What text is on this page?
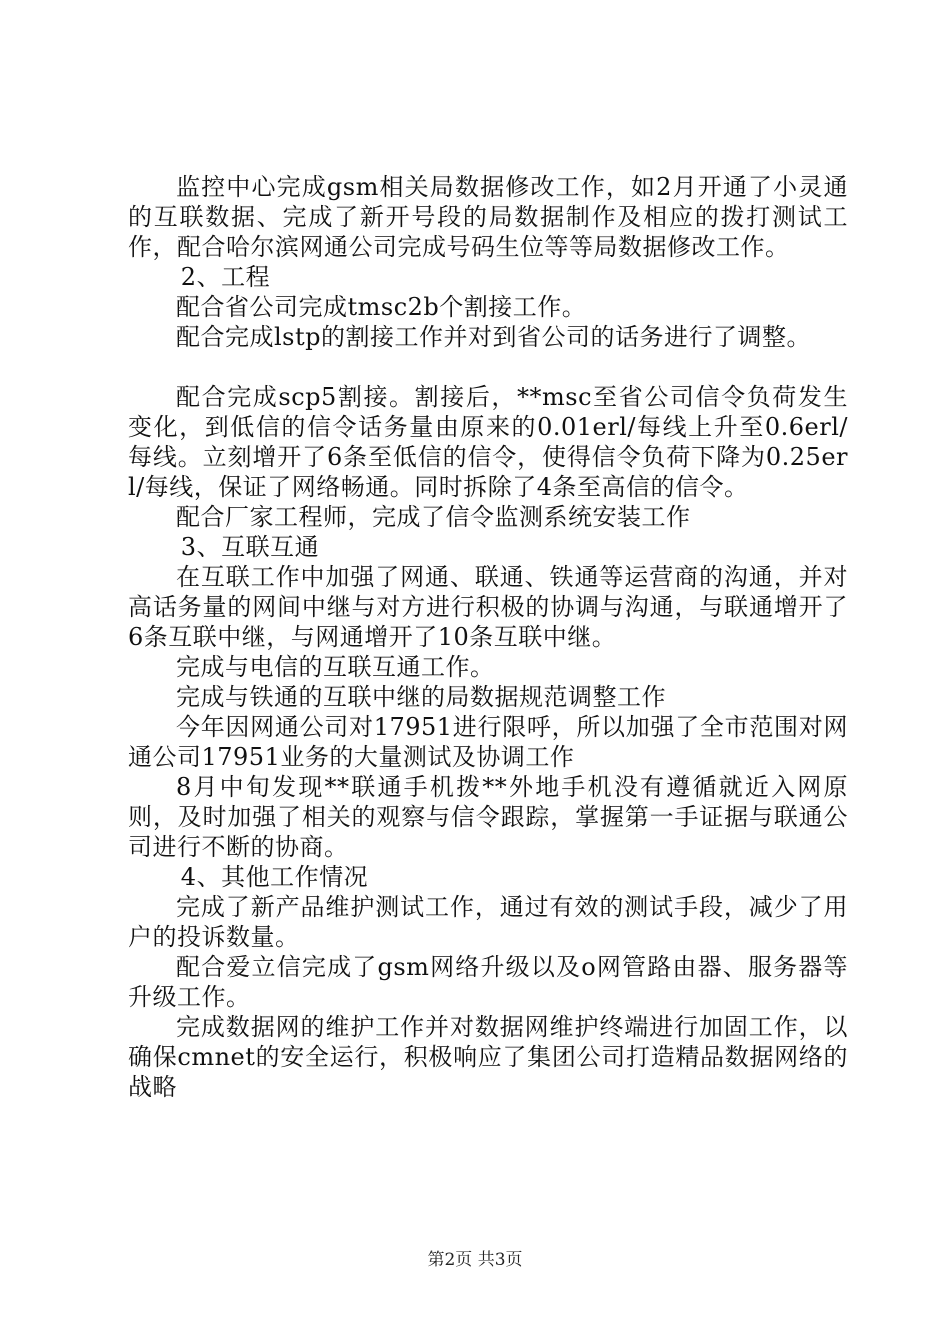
监控中心完成gsm相关局数据修改工作，如2月开通了小灵通的互联数据、完成了新开号段的局数据制作及相应的拨打测试工作，配合哈尔滨网通公司完成号码生位等等局数据修改工作。

2、工程

配合省公司完成tmsc2b个割接工作。

配合完成lstp的割接工作并对到省公司的话务进行了调整。

配合完成scp5割接。割接后，**msc至省公司信令负荷发生变化，到低信的信令话务量由原来的0.01erl/每线上升至0.6erl/每线。立刻增开了6条至低信的信令，使得信令负荷下降为0.25erl/每线，保证了网络畅通。同时拆除了4条至高信的信令。

配合厂家工程师，完成了信令监测系统安装工作

3、互联互通

在互联工作中加强了网通、联通、铁通等运营商的沟通，并对高话务量的网间中继与对方进行积极的协调与沟通，与联通增开了6条互联中继，与网通增开了10条互联中继。

完成与电信的互联互通工作。

完成与铁通的互联中继的局数据规范调整工作

今年因网通公司对17951进行限呼，所以加强了全市范围对网通公司17951业务的大量测试及协调工作

8月中旬发现**联通手机拨**外地手机没有遵循就近入网原则，及时加强了相关的观察与信令跟踪，掌握第一手证据与联通公司进行不断的协商。

4、其他工作情况

完成了新产品维护测试工作，通过有效的测试手段，减少了用户的投诉数量。

配合爱立信完成了gsm网络升级以及o网管路由器、服务器等升级工作。

完成数据网的维护工作并对数据网维护终端进行加固工作，以确保cmnet的安全运行，积极响应了集团公司打造精品数据网络的战略

第2页 共3页
